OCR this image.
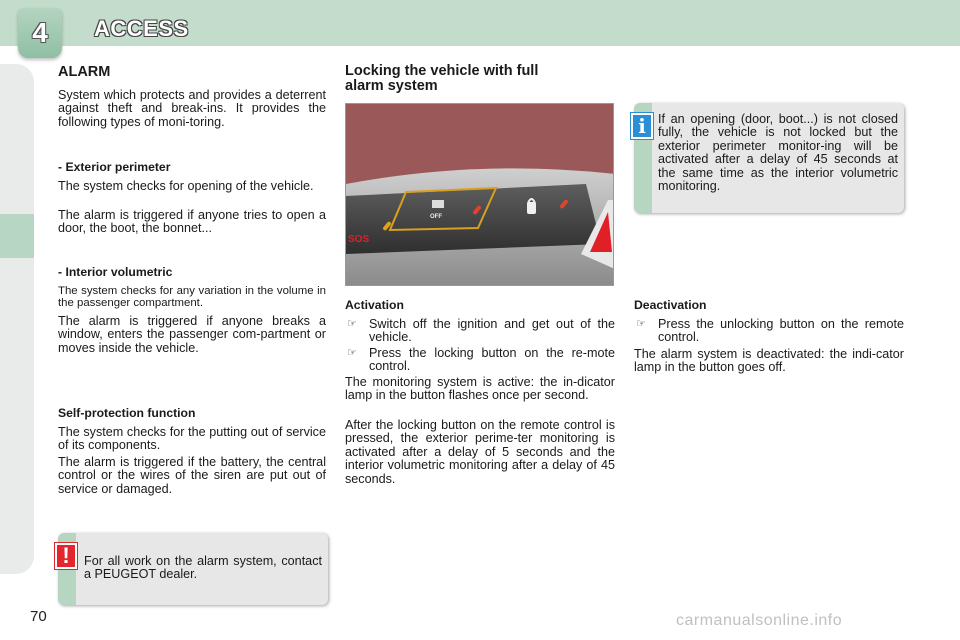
4 ACCESS
ALARM
System which protects and provides a deterrent against theft and break-ins. It provides the following types of moni-toring.
- Exterior perimeter
The system checks for opening of the vehicle.
The alarm is triggered if anyone tries to open a door, the boot, the bonnet...
- Interior volumetric
The system checks for any variation in the volume in the passenger compartment.
The alarm is triggered if anyone breaks a window, enters the passenger com-partment or moves inside the vehicle.
Self-protection function
The system checks for the putting out of service of its components.
The alarm is triggered if the battery, the central control or the wires of the siren are put out of service or damaged.
For all work on the alarm system, contact a PEUGEOT dealer.
!
Locking the vehicle with full
alarm system
SOS
OFF
Activation
☞ Switch off the ignition and get out of the vehicle.
☞ Press the locking button on the re-mote control.
The monitoring system is active: the in-dicator lamp in the button flashes once per second.
After the locking button on the remote control is pressed, the exterior perime-ter monitoring is activated after a delay of 5 seconds and the interior volumetric monitoring after a delay of 45 seconds.
If an opening (door, boot...) is not closed fully, the vehicle is not locked but the exterior perimeter monitor-ing will be activated after a delay of 45 seconds at the same time as the interior volumetric monitoring.
i
Deactivation
☞ Press the unlocking button on the remote control.
The alarm system is deactivated: the indi-cator lamp in the button goes off.
70	carmanualsonline.info
